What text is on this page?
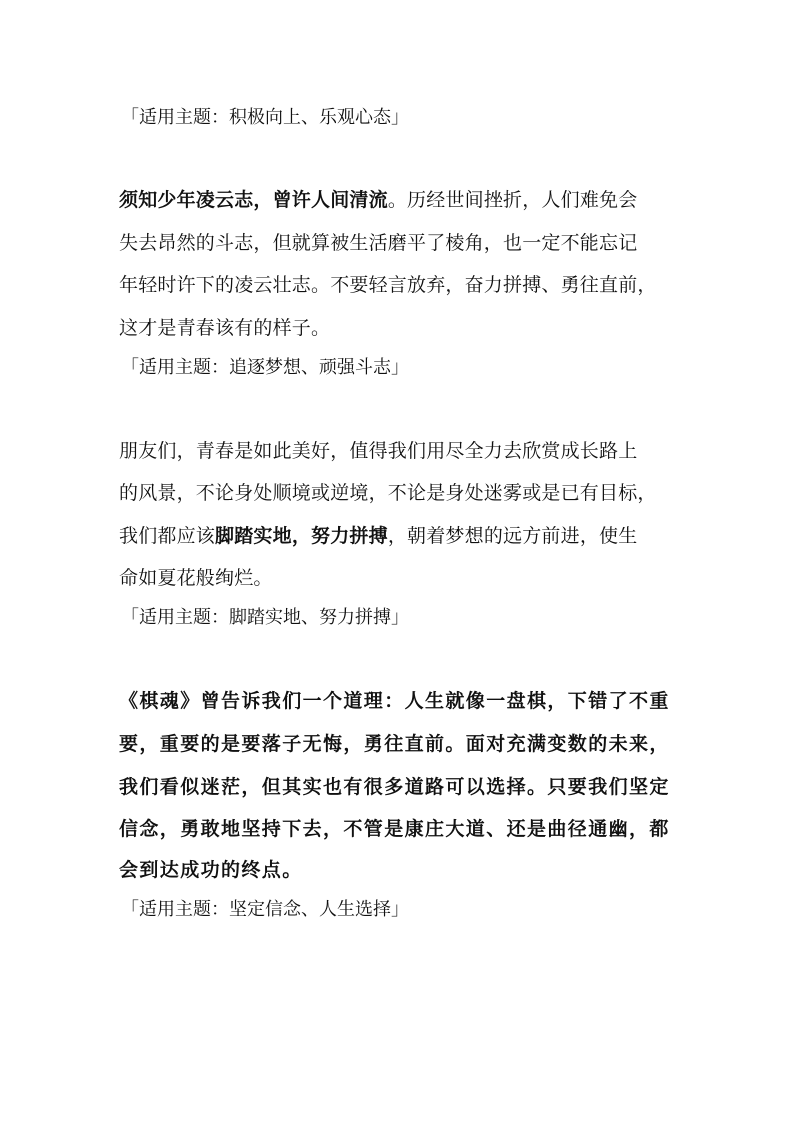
「适用主题：积极向上、乐观心态」
须知少年凌云志，曾许人间清流。历经世间挫折，人们难免会
失去昂然的斗志，但就算被生活磨平了棱角，也一定不能忘记
年轻时许下的凌云壮志。不要轻言放弃，奋力拼搏、勇往直前，
这才是青春该有的样子。
「适用主题：追逐梦想、顽强斗志」
朋友们，青春是如此美好，值得我们用尽全力去欣赏成长路上
的风景，不论身处顺境或逆境，不论是身处迷雾或是已有目标，
我们都应该脚踏实地，努力拼搏，朝着梦想的远方前进，使生
命如夏花般绚烂。
「适用主题：脚踏实地、努力拼搏」
《棋魂》曾告诉我们一个道理：人生就像一盘棋，下错了不重
要，重要的是要落子无悔，勇往直前。面对充满变数的未来，
我们看似迷茫，但其实也有很多道路可以选择。只要我们坚定
信念，勇敢地坚持下去，不管是康庄大道、还是曲径通幽，都
会到达成功的终点。
「适用主题：坚定信念、人生选择」
